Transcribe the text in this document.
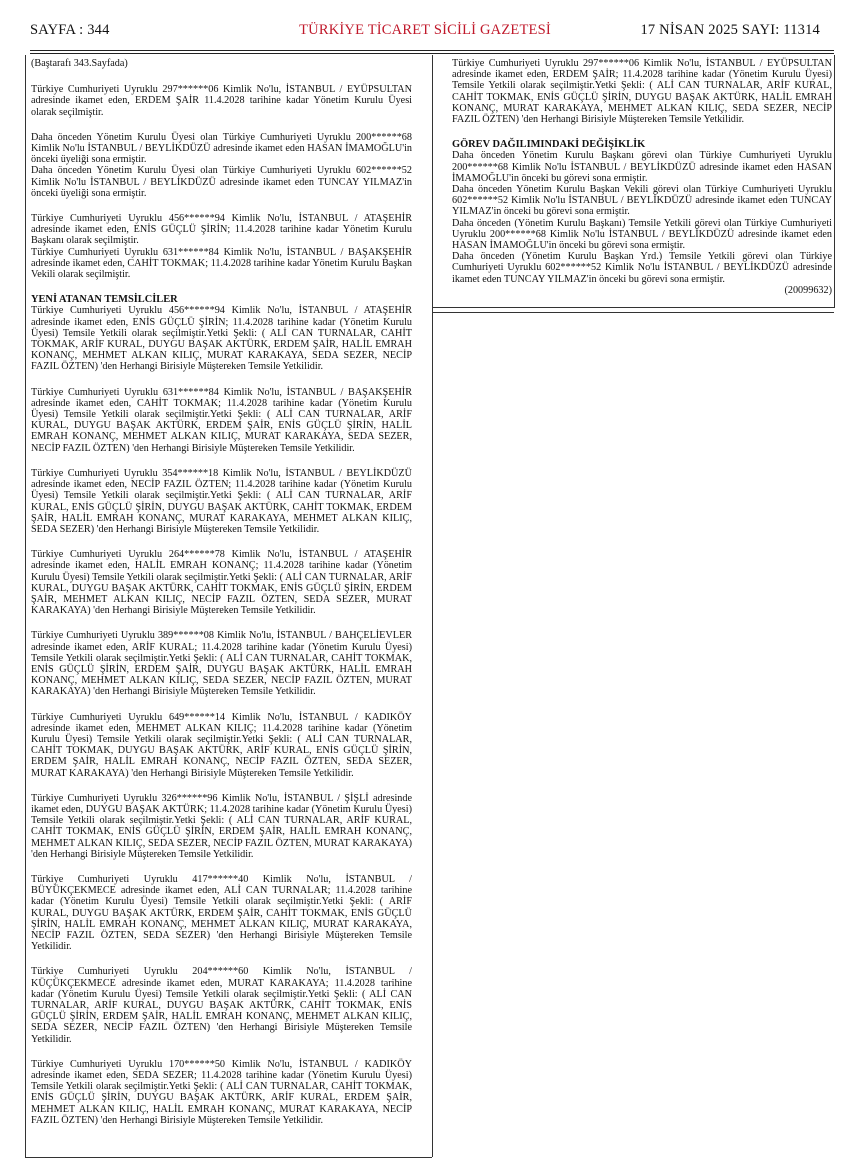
SAYFA : 344	TÜRKİYE TİCARET SİCİLİ GAZETESİ	17 NİSAN 2025 SAYI: 11314

(Baştarafı 343.Sayfada)

Türkiye Cumhuriyeti Uyruklu 297******06 Kimlik No'lu, İSTANBUL / EYÜPSULTAN adresinde ikamet eden, ERDEM ŞAİR 11.4.2028 tarihine kadar Yönetim Kurulu Üyesi olarak seçilmiştir.

Daha önceden Yönetim Kurulu Üyesi olan Türkiye Cumhuriyeti Uyruklu 200******68 Kimlik No'lu İSTANBUL / BEYLİKDÜZÜ adresinde ikamet eden HASAN İMAMOĞLU'in önceki üyeliği sona ermiştir.

Daha önceden Yönetim Kurulu Üyesi olan Türkiye Cumhuriyeti Uyruklu 602******52 Kimlik No'lu İSTANBUL / BEYLİKDÜZÜ adresinde ikamet eden TUNCAY YILMAZ'in önceki üyeliği sona ermiştir.

Türkiye Cumhuriyeti Uyruklu 456******94 Kimlik No'lu, İSTANBUL / ATAŞEHİR adresinde ikamet eden, ENİS GÜÇLÜ ŞİRİN; 11.4.2028 tarihine kadar Yönetim Kurulu Başkanı olarak seçilmiştir.

Türkiye Cumhuriyeti Uyruklu 631******84 Kimlik No'lu, İSTANBUL / BAŞAKŞEHİR adresinde ikamet eden, CAHİT TOKMAK; 11.4.2028 tarihine kadar Yönetim Kurulu Başkan Vekili olarak seçilmiştir.

YENİ ATANAN TEMSİLCİLER

Türkiye Cumhuriyeti Uyruklu 456******94 Kimlik No'lu, İSTANBUL / ATAŞEHİR adresinde ikamet eden, ENİS GÜÇLÜ ŞİRİN; 11.4.2028 tarihine kadar (Yönetim Kurulu Üyesi) Temsile Yetkili olarak seçilmiştir.Yetki Şekli: ( ALİ CAN TURNALAR, CAHİT TOKMAK, ARİF KURAL, DUYGU BAŞAK AKTÜRK, ERDEM ŞAİR, HALİL EMRAH KONANÇ, MEHMET ALKAN KILIÇ, MURAT KARAKAYA, SEDA SEZER, NECİP FAZIL ÖZTEN) 'den Herhangi Birisiyle Müştereken Temsile Yetkilidir.

Türkiye Cumhuriyeti Uyruklu 631******84 Kimlik No'lu, İSTANBUL / BAŞAKŞEHİR adresinde ikamet eden, CAHİT TOKMAK; 11.4.2028 tarihine kadar (Yönetim Kurulu Üyesi) Temsile Yetkili olarak seçilmiştir.Yetki Şekli: ( ALİ CAN TURNALAR, ARİF KURAL, DUYGU BAŞAK AKTÜRK, ERDEM ŞAİR, ENİS GÜÇLÜ ŞİRİN, HALİL EMRAH KONANÇ, MEHMET ALKAN KILIÇ, MURAT KARAKAYA, SEDA SEZER, NECİP FAZIL ÖZTEN) 'den Herhangi Birisiyle Müştereken Temsile Yetkilidir.

Türkiye Cumhuriyeti Uyruklu 354******18 Kimlik No'lu, İSTANBUL / BEYLİKDÜZÜ adresinde ikamet eden, NECİP FAZIL ÖZTEN; 11.4.2028 tarihine kadar (Yönetim Kurulu Üyesi) Temsile Yetkili olarak seçilmiştir.Yetki Şekli: ( ALİ CAN TURNALAR, ARİF KURAL, ENİS GÜÇLÜ ŞİRİN, DUYGU BAŞAK AKTÜRK, CAHİT TOKMAK, ERDEM ŞAİR, HALİL EMRAH KONANÇ, MURAT KARAKAYA, MEHMET ALKAN KILIÇ, SEDA SEZER) 'den Herhangi Birisiyle Müştereken Temsile Yetkilidir.

Türkiye Cumhuriyeti Uyruklu 264******78 Kimlik No'lu, İSTANBUL / ATAŞEHİR adresinde ikamet eden, HALİL EMRAH KONANÇ; 11.4.2028 tarihine kadar (Yönetim Kurulu Üyesi) Temsile Yetkili olarak seçilmiştir.Yetki Şekli: ( ALİ CAN TURNALAR, ARİF KURAL, DUYGU BAŞAK AKTÜRK, CAHİT TOKMAK, ENİS GÜÇLÜ ŞİRİN, ERDEM ŞAİR, MEHMET ALKAN KILIÇ, NECİP FAZIL ÖZTEN, SEDA SEZER, MURAT KARAKAYA) 'den Herhangi Birisiyle Müştereken Temsile Yetkilidir.

Türkiye Cumhuriyeti Uyruklu 389******08 Kimlik No'lu, İSTANBUL / BAHÇELİEVLER adresinde ikamet eden, ARİF KURAL; 11.4.2028 tarihine kadar (Yönetim Kurulu Üyesi) Temsile Yetkili olarak seçilmiştir.Yetki Şekli: ( ALİ CAN TURNALAR, CAHİT TOKMAK, ENİS GÜÇLÜ ŞİRİN, ERDEM ŞAİR, DUYGU BAŞAK AKTÜRK, HALİL EMRAH KONANÇ, MEHMET ALKAN KILIÇ, SEDA SEZER, NECİP FAZIL ÖZTEN, MURAT KARAKAYA) 'den Herhangi Birisiyle Müştereken Temsile Yetkilidir.

Türkiye Cumhuriyeti Uyruklu 649******14 Kimlik No'lu, İSTANBUL / KADIKÖY adresinde ikamet eden, MEHMET ALKAN KILIÇ; 11.4.2028 tarihine kadar (Yönetim Kurulu Üyesi) Temsile Yetkili olarak seçilmiştir.Yetki Şekli: ( ALİ CAN TURNALAR, CAHİT TOKMAK, DUYGU BAŞAK AKTÜRK, ARİF KURAL, ENİS GÜÇLÜ ŞİRİN, ERDEM ŞAİR, HALİL EMRAH KONANÇ, NECİP FAZIL ÖZTEN, SEDA SEZER, MURAT KARAKAYA) 'den Herhangi Birisiyle Müştereken Temsile Yetkilidir.

Türkiye Cumhuriyeti Uyruklu 326******96 Kimlik No'lu, İSTANBUL / ŞİŞLİ adresinde ikamet eden, DUYGU BAŞAK AKTÜRK; 11.4.2028 tarihine kadar (Yönetim Kurulu Üyesi) Temsile Yetkili olarak seçilmiştir.Yetki Şekli: ( ALİ CAN TURNALAR, ARİF KURAL, CAHİT TOKMAK, ENİS GÜÇLÜ ŞİRİN, ERDEM ŞAİR, HALİL EMRAH KONANÇ, MEHMET ALKAN KILIÇ, SEDA SEZER, NECİP FAZIL ÖZTEN, MURAT KARAKAYA) 'den Herhangi Birisiyle Müştereken Temsile Yetkilidir.

Türkiye Cumhuriyeti Uyruklu 417******40 Kimlik No'lu, İSTANBUL / BÜYÜKÇEKMECE adresinde ikamet eden, ALİ CAN TURNALAR; 11.4.2028 tarihine kadar (Yönetim Kurulu Üyesi) Temsile Yetkili olarak seçilmiştir.Yetki Şekli: ( ARİF KURAL, DUYGU BAŞAK AKTÜRK, ERDEM ŞAİR, CAHİT TOKMAK, ENİS GÜÇLÜ ŞİRİN, HALİL EMRAH KONANÇ, MEHMET ALKAN KILIÇ, MURAT KARAKAYA, NECİP FAZIL ÖZTEN, SEDA SEZER) 'den Herhangi Birisiyle Müştereken Temsile Yetkilidir.

Türkiye Cumhuriyeti Uyruklu 204******60 Kimlik No'lu, İSTANBUL / KÜÇÜKÇEKMECE adresinde ikamet eden, MURAT KARAKAYA; 11.4.2028 tarihine kadar (Yönetim Kurulu Üyesi) Temsile Yetkili olarak seçilmiştir.Yetki Şekli: ( ALİ CAN TURNALAR, ARİF KURAL, DUYGU BAŞAK AKTÜRK, CAHİT TOKMAK, ENİS GÜÇLÜ ŞİRİN, ERDEM ŞAİR, HALİL EMRAH KONANÇ, MEHMET ALKAN KILIÇ, SEDA SEZER, NECİP FAZIL ÖZTEN) 'den Herhangi Birisiyle Müştereken Temsile Yetkilidir.

Türkiye Cumhuriyeti Uyruklu 170******50 Kimlik No'lu, İSTANBUL / KADIKÖY adresinde ikamet eden, SEDA SEZER; 11.4.2028 tarihine kadar (Yönetim Kurulu Üyesi) Temsile Yetkili olarak seçilmiştir.Yetki Şekli: ( ALİ CAN TURNALAR, CAHİT TOKMAK, ENİS GÜÇLÜ ŞİRİN, DUYGU BAŞAK AKTÜRK, ARİF KURAL, ERDEM ŞAİR, MEHMET ALKAN KILIÇ, HALİL EMRAH KONANÇ, MURAT KARAKAYA, NECİP FAZIL ÖZTEN) 'den Herhangi Birisiyle Müştereken Temsile Yetkilidir.

Türkiye Cumhuriyeti Uyruklu 297******06 Kimlik No'lu, İSTANBUL / EYÜPSULTAN adresinde ikamet eden, ERDEM ŞAİR; 11.4.2028 tarihine kadar (Yönetim Kurulu Üyesi) Temsile Yetkili olarak seçilmiştir.Yetki Şekli: ( ALİ CAN TURNALAR, ARİF KURAL, CAHİT TOKMAK, ENİS GÜÇLÜ ŞİRİN, DUYGU BAŞAK AKTÜRK, HALİL EMRAH KONANÇ, MURAT KARAKAYA, MEHMET ALKAN KILIÇ, SEDA SEZER, NECİP FAZIL ÖZTEN) 'den Herhangi Birisiyle Müştereken Temsile Yetkilidir.

GÖREV DAĞILIMINDAKİ DEĞİŞİKLİK

Daha önceden Yönetim Kurulu Başkanı görevi olan Türkiye Cumhuriyeti Uyruklu 200******68 Kimlik No'lu İSTANBUL / BEYLİKDÜZÜ adresinde ikamet eden HASAN İMAMOĞLU'in önceki bu görevi sona ermiştir.

Daha önceden Yönetim Kurulu Başkan Vekili görevi olan Türkiye Cumhuriyeti Uyruklu 602******52 Kimlik No'lu İSTANBUL / BEYLİKDÜZÜ adresinde ikamet eden TUNCAY YILMAZ'in önceki bu görevi sona ermiştir.

Daha önceden (Yönetim Kurulu Başkanı) Temsile Yetkili görevi olan Türkiye Cumhuriyeti Uyruklu 200******68 Kimlik No'lu İSTANBUL / BEYLİKDÜZÜ adresinde ikamet eden HASAN İMAMOĞLU'in önceki bu görevi sona ermiştir.

Daha önceden (Yönetim Kurulu Başkan Yrd.) Temsile Yetkili görevi olan Türkiye Cumhuriyeti Uyruklu 602******52 Kimlik No'lu İSTANBUL / BEYLİKDÜZÜ adresinde ikamet eden TUNCAY YILMAZ'in önceki bu görevi sona ermiştir.

(20099632)
